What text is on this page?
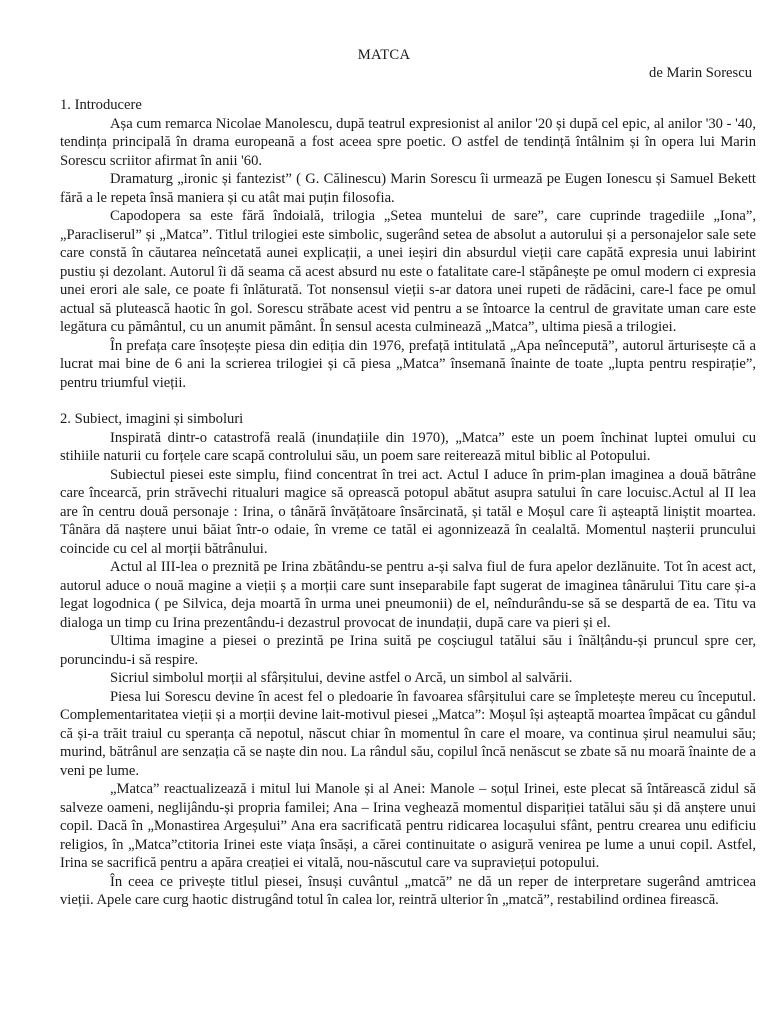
MATCA
de Marin Sorescu
1. Introducere

Așa cum remarca Nicolae Manolescu, după teatrul expresionist al anilor '20 și după cel epic, al anilor '30 - '40, tendința principală în drama europeană a fost aceea spre poetic. O astfel de tendință întâlnim și în opera lui Marin Sorescu scriitor afirmat în anii '60.

Dramaturg „ironic și fantezist” ( G. Călinescu) Marin Sorescu îi urmează pe Eugen Ionescu și Samuel Bekett fără a le repeta însă maniera și cu atât mai puțin filosofia.

Capodopera sa este fără îndoială, trilogia „Setea muntelui de sare”, care cuprinde tragediile „Iona”, „Paracliserul” și „Matca”. Titlul trilogiei este simbolic, sugerând setea de absolut a autorului și a personajelor sale sete care constă în căutarea neîncetată aunei explicații, a unei ieșiri din absurdul vieții care capătă expresia unui labirint pustiu și dezolant. Autorul îi dă seama că acest absurd nu este o fatalitate care-l stăpânește pe omul modern ci expresia unei erori ale sale, ce poate fi înlăturată. Tot nonsensul vieții s-ar datora unei rupeti de rădăcini, care-l face pe omul actual să plutească haotic în gol. Sorescu străbate acest vid pentru a se întoarce la centrul de gravitate uman care este legătura cu pământul, cu un anumit pământ. În sensul acesta culminează „Matca”, ultima piesă a trilogiei.

În prefața care însoțește piesa din ediția din 1976, prefață intitulată „Apa neîncepută”, autorul ărturisește că a lucrat mai bine de 6 ani la scrierea trilogiei și că piesa „Matca” însemană înainte de toate „lupta pentru respirație”, pentru triumful vieții.

2. Subiect, imagini și simboluri

Inspirată dintr-o catastrofă reală (inundațiile din 1970), „Matca” este un poem închinat luptei omului cu stihiile naturii cu forțele care scapă controlului său, un poem sare reiterează mitul biblic al Potopului.

Subiectul piesei este simplu, fiind concentrat în trei act. Actul I aduce în prim-plan imaginea a două bătrâne care încearcă, prin străvechi ritualuri magice să oprească potopul abătut asupra satului în care locuisc.Actul al II lea are în centru două personaje : Irina, o tânără învățătoare însărcinată, și tatăl e Moșul care îi așteaptă liniștit moartea. Tânăra dă naștere unui băiat într-o odaie, în vreme ce tatăl ei agonnizează în cealaltă. Momentul nașterii pruncului coincide cu cel al morții bătrânului.

Actul al III-lea o preznită pe Irina zbătându-se pentru a-și salva fiul de fura apelor dezlănuite. Tot în acest act, autorul aduce o nouă magine a vieții ș a morții care sunt inseparabile fapt sugerat de imaginea tânărului Titu care și-a legat logodnica ( pe Silvica, deja moartă în urma unei pneumonii) de el, neîndurându-se să se despartă de ea. Titu va dialoga un timp cu Irina prezentându-i dezastrul provocat de inundații, după care va pieri și el.

Ultima imagine a piesei o prezintă pe Irina suită pe coșciugul tatălui său i înălțându-și pruncul spre cer, poruncindu-i să respire.

Sicriul simbolul morții al sfârșitului, devine astfel o Arcă, un simbol al salvării.

Piesa lui Sorescu devine în acest fel o pledoarie în favoarea sfârșitului care se împletește mereu cu începutul. Complementaritatea vieții și a morții devine lait-motivul piesei „Matca”: Moșul își așteaptă moartea împăcat cu gândul că și-a trăit traiul cu speranța că nepotul, născut chiar în momentul în care el moare, va continua șirul neamului său; murind, bătrânul are senzația că se naște din nou. La rândul său, copilul încă nenăscut se zbate să nu moară înainte de a veni pe lume.

„Matca” reactualizează i mitul lui Manole și al Anei: Manole – soțul Irinei, este plecat să întărească zidul să salveze oameni, neglijându-și propria familei; Ana – Irina veghează momentul dispariției tatălui său și dă anștere unui copil. Dacă în „Monastirea Argeșului” Ana era sacrificată pentru ridicarea locașului sfânt, pentru crearea unu edificiu religios, în „Matca”ctitoria Irinei este viața însăși, a cărei continuitate o asigură venirea pe lume a unui copil. Astfel, Irina se sacrifică pentru a apăra creației ei vitală, nou-născutul care va supraviețui potopului.

În ceea ce privește titlul piesei, însuși cuvântul „matcă” ne dă un reper de interpretare sugerând amtricea vieții. Apele care curg haotic distrugând totul în calea lor, reintră ulterior în „matcă”, restabilind ordinea firească.
